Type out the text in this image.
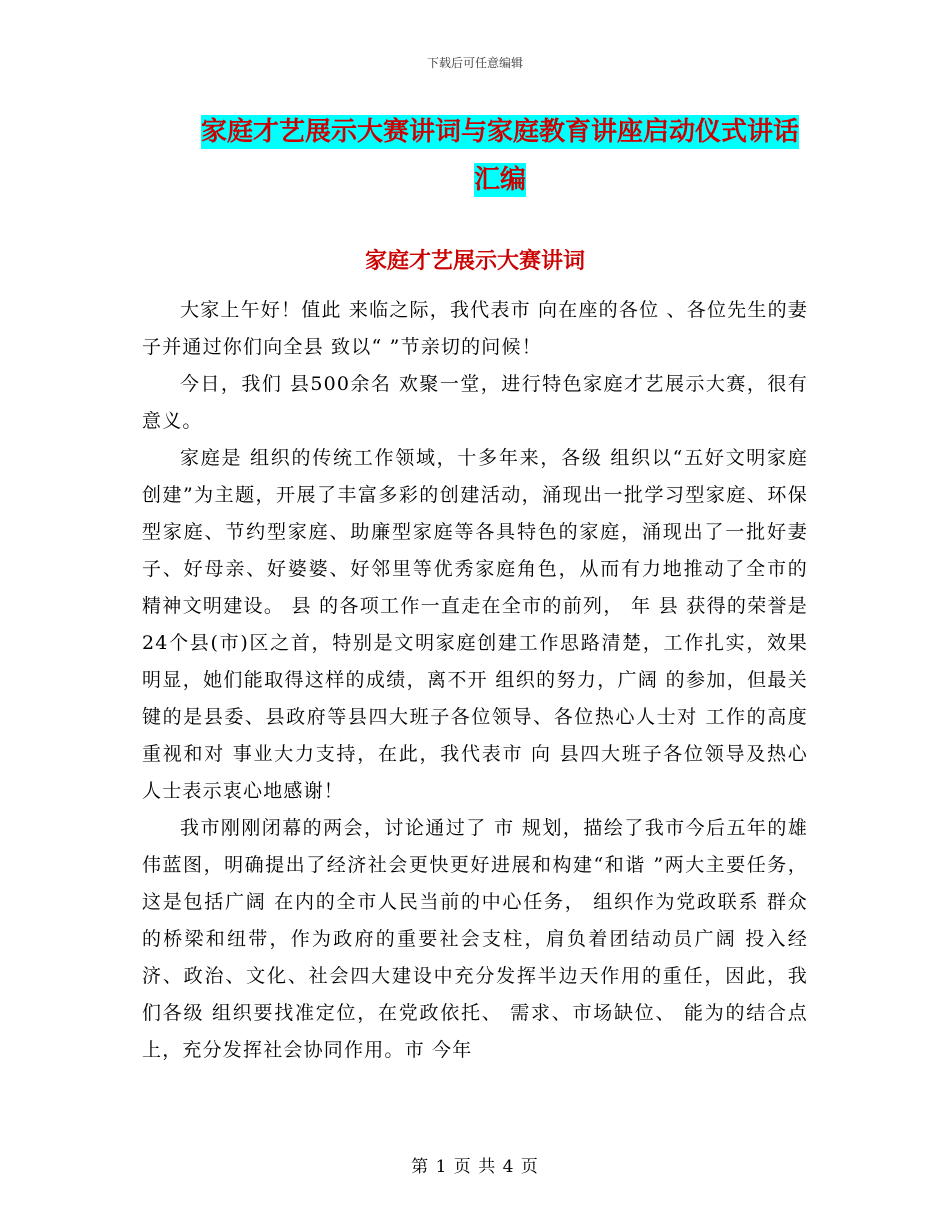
下载后可任意编辑
家庭才艺展示大赛讲词与家庭教育讲座启动仪式讲话汇编
家庭才艺展示大赛讲词

大家上午好！值此 来临之际，我代表市 向在座的各位 、各位先生的妻子并通过你们向全县 致以“ ”节亲切的问候！

今日，我们 县500余名 欢聚一堂，进行特色家庭才艺展示大赛，很有意义。

家庭是 组织的传统工作领域，十多年来，各级 组织以“五好文明家庭创建”为主题，开展了丰富多彩的创建活动，涌现出一批学习型家庭、环保型家庭、节约型家庭、助廉型家庭等各具特色的家庭，涌现出了一批好妻子、好母亲、好婆婆、好邻里等优秀家庭角色，从而有力地推动了全市的精神文明建设。 县 的各项工作一直走在全市的前列， 年 县 获得的荣誉是24个县(市)区之首，特别是文明家庭创建工作思路清楚，工作扎实，效果明显，她们能取得这样的成绩，离不开 组织的努力，广阔 的参加，但最关键的是县委、县政府等县四大班子各位领导、各位热心人士对 工作的高度重视和对 事业大力支持，在此，我代表市 向 县四大班子各位领导及热心人士表示衷心地感谢！

我市刚刚闭幕的两会，讨论通过了 市 规划，描绘了我市今后五年的雄伟蓝图，明确提出了经济社会更快更好进展和构建“和谐 ”两大主要任务，这是包括广阔 在内的全市人民当前的中心任务， 组织作为党政联系 群众的桥梁和纽带，作为政府的重要社会支柱，肩负着团结动员广阔 投入经济、政治、文化、社会四大建设中充分发挥半边天作用的重任，因此，我们各级 组织要找准定位，在党政依托、 需求、市场缺位、 能为的结合点上，充分发挥社会协同作用。市 今年

第 1 页 共 4 页
